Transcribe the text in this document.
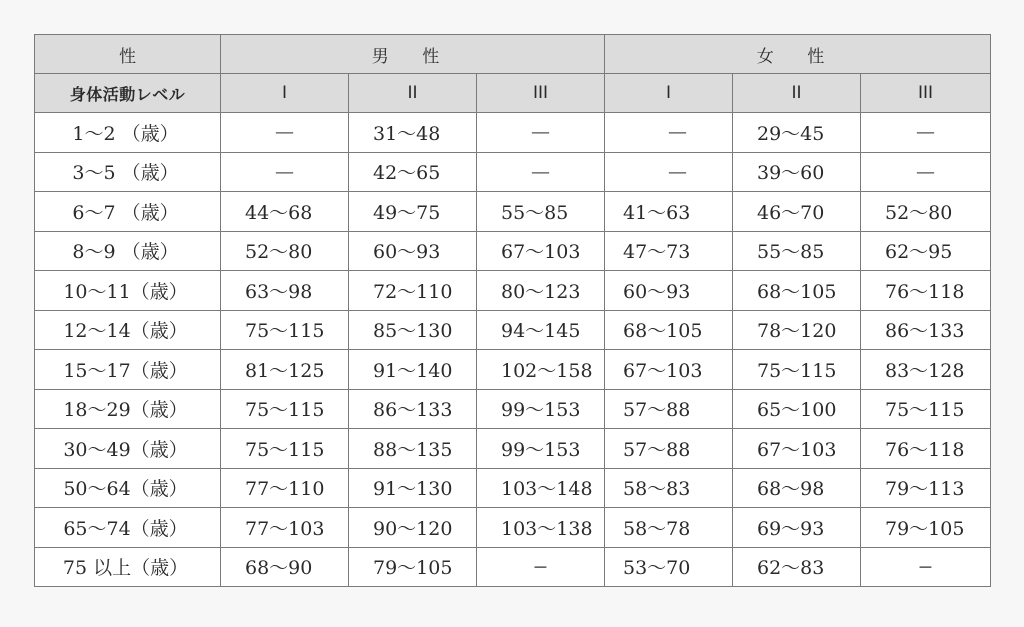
性	男 性			女 性		
身体活動レベル	I	II	III	I	II	III
1～2 （歳）	—	31～48	—	—	29～45	—
3～5 （歳）	—	42～65	—	—	39～60	—
6～7 （歳）	44～68	49～75	55～85	41～63	46～70	52～80
8～9 （歳）	52～80	60～93	67～103	47～73	55～85	62～95
10～11（歳）	63～98	72～110	80～123	60～93	68～105	76～118
12～14（歳）	75～115	85～130	94～145	68～105	78～120	86～133
15～17（歳）	81～125	91～140	102～158	67～103	75～115	83～128
18～29（歳）	75～115	86～133	99～153	57～88	65～100	75～115
30～49（歳）	75～115	88～135	99～153	57～88	67～103	76～118
50～64（歳）	77～110	91～130	103～148	58～83	68～98	79～113
65～74（歳）	77～103	90～120	103～138	58～78	69～93	79～105
75 以上（歳）	68～90	79～105	−	53～70	62～83	−
